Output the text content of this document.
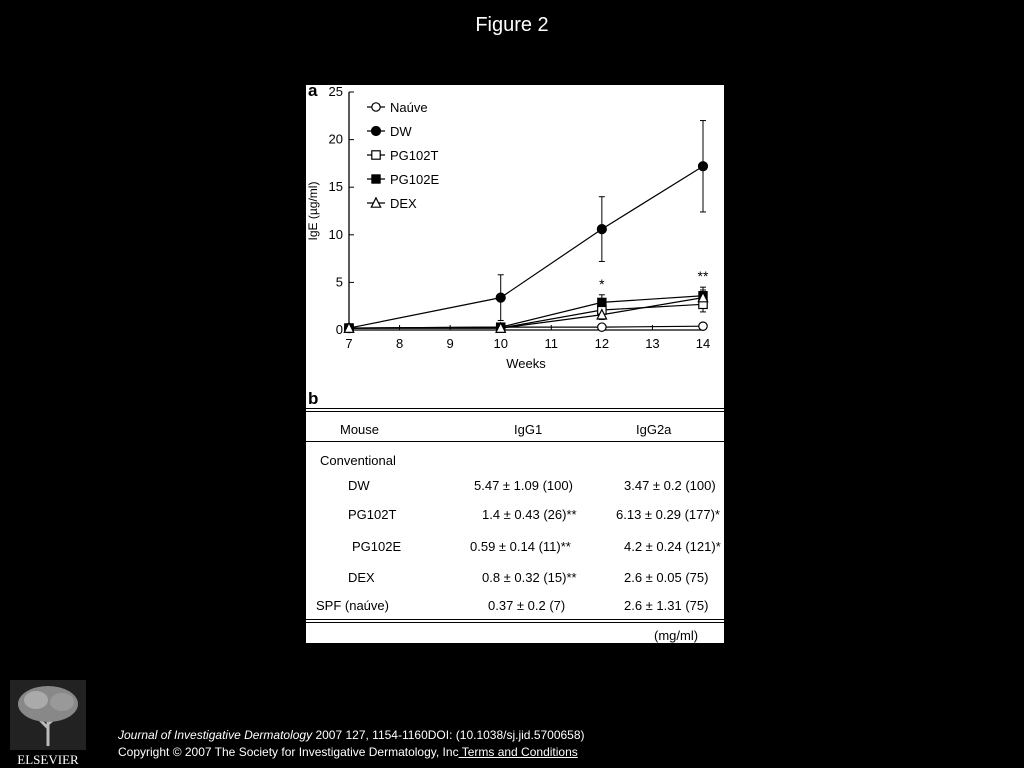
Figure 2
0
5
10
15
20
25
7	8	9	10	11	12	13	14
Weeks
IgE (µg/ml)
*	**
Naúve
DW
PG102T
PG102E
DEX
a
b
Mouse	IgG1	IgG2a
Conventional
DW	5.47 ± 1.09 (100)	3.47 ± 0.2 (100)
PG102T	1.4 ± 0.43 (26)**	6.13 ± 0.29 (177)*
PG102E	0.59 ± 0.14 (11)**	4.2 ± 0.24 (121)*
DEX	0.8 ± 0.32 (15)**	2.6 ± 0.05 (75)
SPF (naúve)	0.37 ± 0.2 (7)	2.6 ± 1.31 (75)
(mg/ml)
ELSEVIER
Journal of Investigative Dermatology 2007 127, 1154-1160DOI: (10.1038/sj.jid.5700658)
Copyright © 2007 The Society for Investigative Dermatology, Inc Terms and Conditions
